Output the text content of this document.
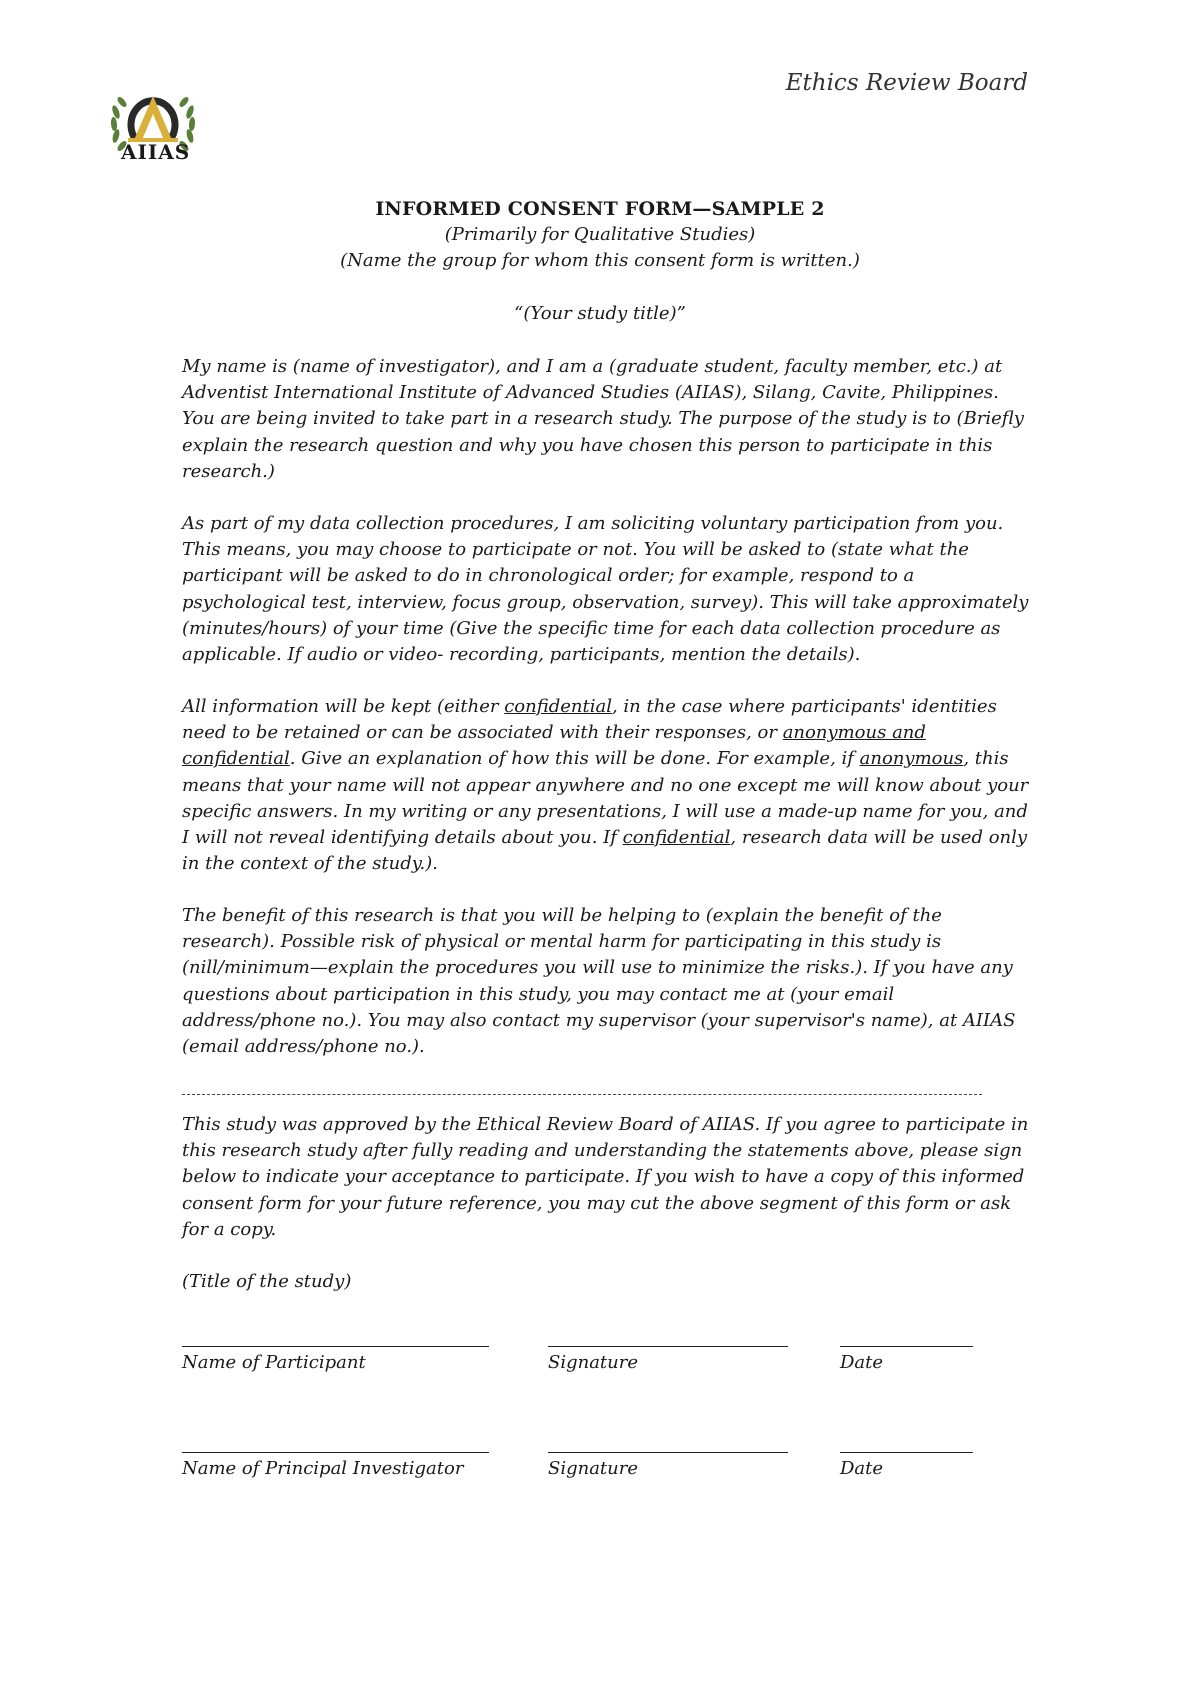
AIIAS
Ethics Review Board
INFORMED CONSENT FORM—SAMPLE 2
(Primarily for Qualitative Studies)
(Name the group for whom this consent form is written.)
“(Your study title)”

My name is (name of investigator), and I am a (graduate student, faculty member, etc.) at Adventist International Institute of Advanced Studies (AIIAS), Silang, Cavite, Philippines. You are being invited to take part in a research study. The purpose of the study is to (Briefly explain the research question and why you have chosen this person to participate in this research.)

As part of my data collection procedures, I am soliciting voluntary participation from you. This means, you may choose to participate or not. You will be asked to (state what the participant will be asked to do in chronological order; for example, respond to a psychological test, interview, focus group, observation, survey). This will take approximately (minutes/hours) of your time (Give the specific time for each data collection procedure as applicable. If audio or video- recording, participants, mention the details).

All information will be kept (either confidential, in the case where participants' identities need to be retained or can be associated with their responses, or anonymous and confidential. Give an explanation of how this will be done. For example, if anonymous, this means that your name will not appear anywhere and no one except me will know about your specific answers. In my writing or any presentations, I will use a made-up name for you, and I will not reveal identifying details about you. If confidential, research data will be used only in the context of the study.).

The benefit of this research is that you will be helping to (explain the benefit of the research). Possible risk of physical or mental harm for participating in this study is (nill/minimum—explain the procedures you will use to minimize the risks.). If you have any questions about participation in this study, you may contact me at (your email address/phone no.). You may also contact my supervisor (your supervisor's name), at AIIAS (email address/phone no.).

This study was approved by the Ethical Review Board of AIIAS. If you agree to participate in this research study after fully reading and understanding the statements above, please sign below to indicate your acceptance to participate. If you wish to have a copy of this informed consent form for your future reference, you may cut the above segment of this form or ask for a copy.

(Title of the study)

Name of Participant	Signature	Date
Name of Principal Investigator	Signature	Date
